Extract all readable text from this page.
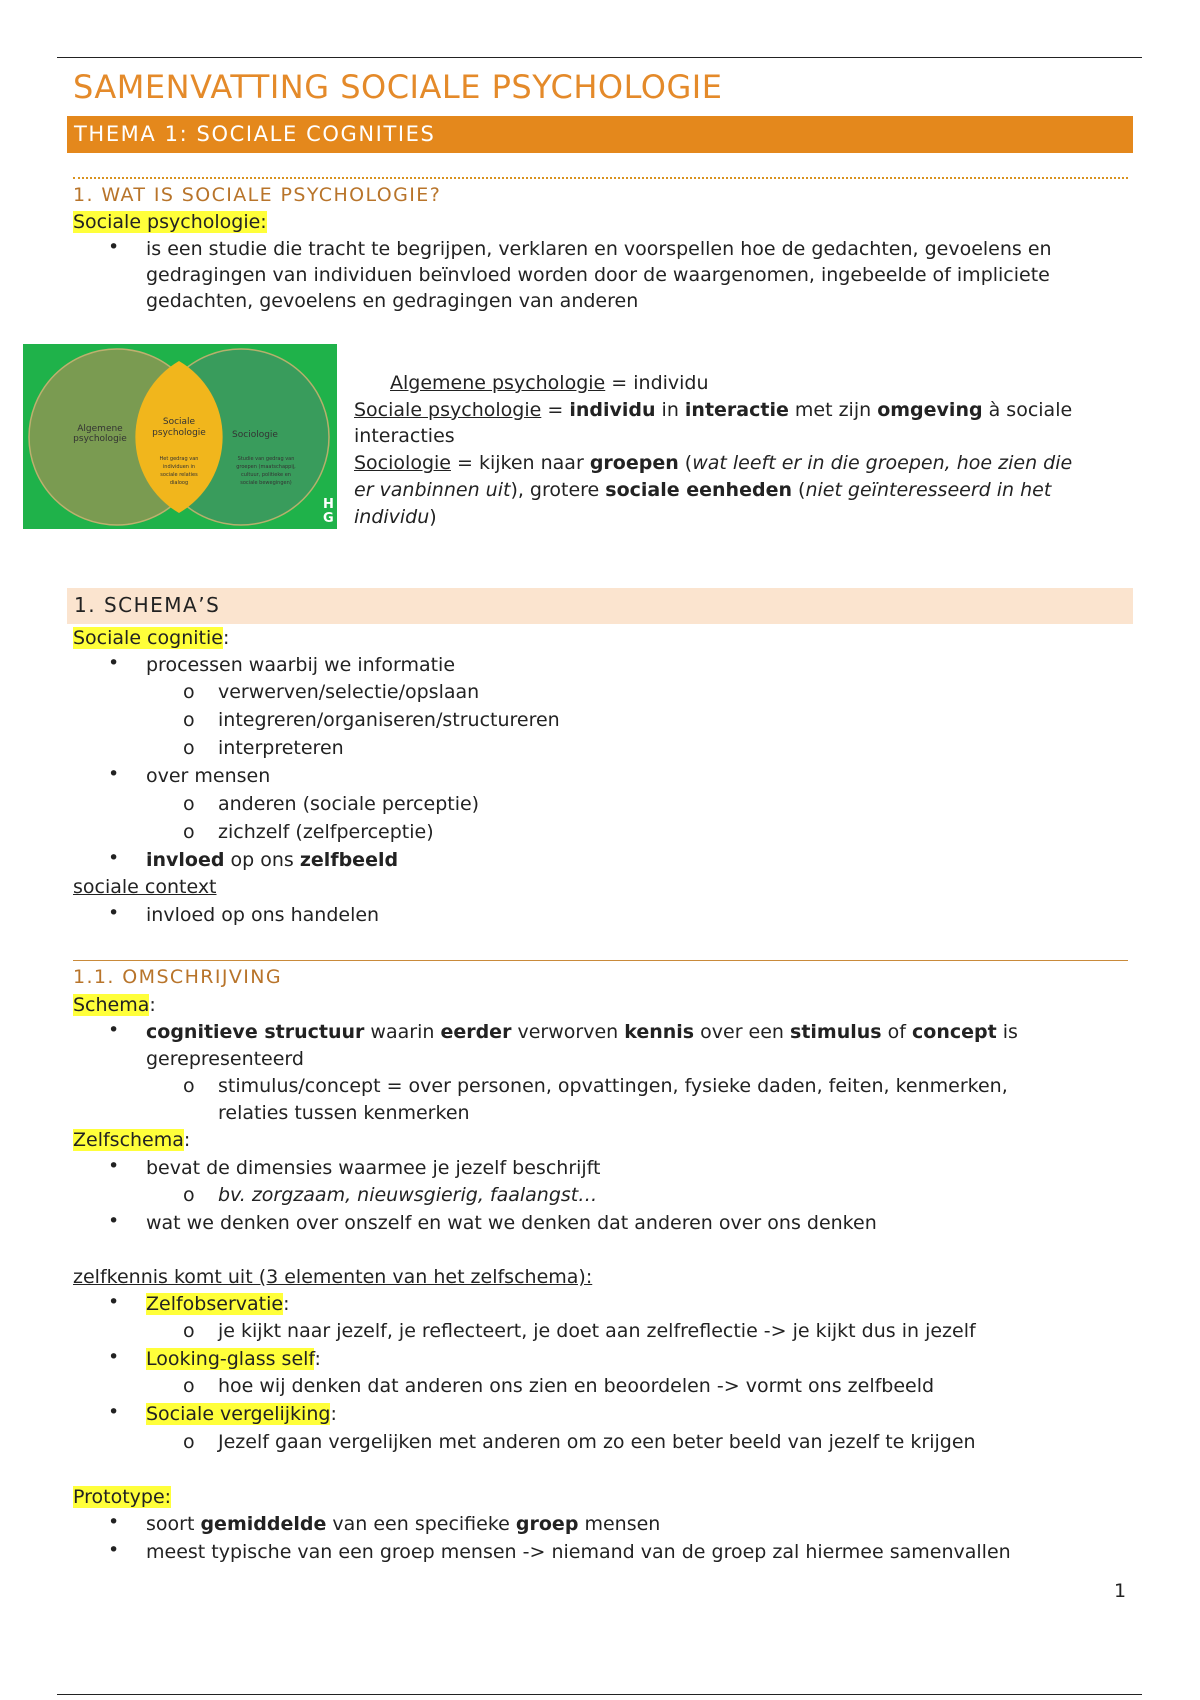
SAMENVATTING SOCIALE PSYCHOLOGIE
THEMA 1: SOCIALE COGNITIES
1. WAT IS SOCIALE PSYCHOLOGIE?
Sociale psychologie:
• is een studie die tracht te begrijpen, verklaren en voorspellen hoe de gedachten, gevoelens en
gedragingen van individuen beïnvloed worden door de waargenomen, ingebeelde of impliciete
gedachten, gevoelens en gedragingen van anderen
Algemene
psychologie
Sociale
psychologie	Sociologie
Het gedrag van
individuen in
sociale relaties
dialoog
Studie van gedrag van
groepen (maatschappij,
cultuur, politieke en
sociale bewegingen)
H
G
Algemene psychologie = individu
Sociale psychologie = individu in interactie met zijn omgeving à sociale
interacties
Sociologie = kijken naar groepen (wat leeft er in die groepen, hoe zien die
er vanbinnen uit), grotere sociale eenheden (niet geïnteresseerd in het
individu)
1. SCHEMA’S
Sociale cognitie:
• processen waarbij we informatie
o verwerven/selectie/opslaan
o integreren/organiseren/structureren
o interpreteren
• over mensen
o anderen (sociale perceptie)
o zichzelf (zelfperceptie)
• invloed op ons zelfbeeld
sociale context
• invloed op ons handelen
1.1. OMSCHRIJVING
Schema:
• cognitieve structuur waarin eerder verworven kennis over een stimulus of concept is
gerepresenteerd
o stimulus/concept = over personen, opvattingen, fysieke daden, feiten, kenmerken,
relaties tussen kenmerken
Zelfschema:
• bevat de dimensies waarmee je jezelf beschrijft
o bv. zorgzaam, nieuwsgierig, faalangst…
• wat we denken over onszelf en wat we denken dat anderen over ons denken
zelfkennis komt uit (3 elementen van het zelfschema):
• Zelfobservatie:
o je kijkt naar jezelf, je reflecteert, je doet aan zelfreflectie -> je kijkt dus in jezelf
• Looking-glass self:
o hoe wij denken dat anderen ons zien en beoordelen -> vormt ons zelfbeeld
• Sociale vergelijking:
o Jezelf gaan vergelijken met anderen om zo een beter beeld van jezelf te krijgen
Prototype:
• soort gemiddelde van een specifieke groep mensen
• meest typische van een groep mensen -> niemand van de groep zal hiermee samenvallen
1
